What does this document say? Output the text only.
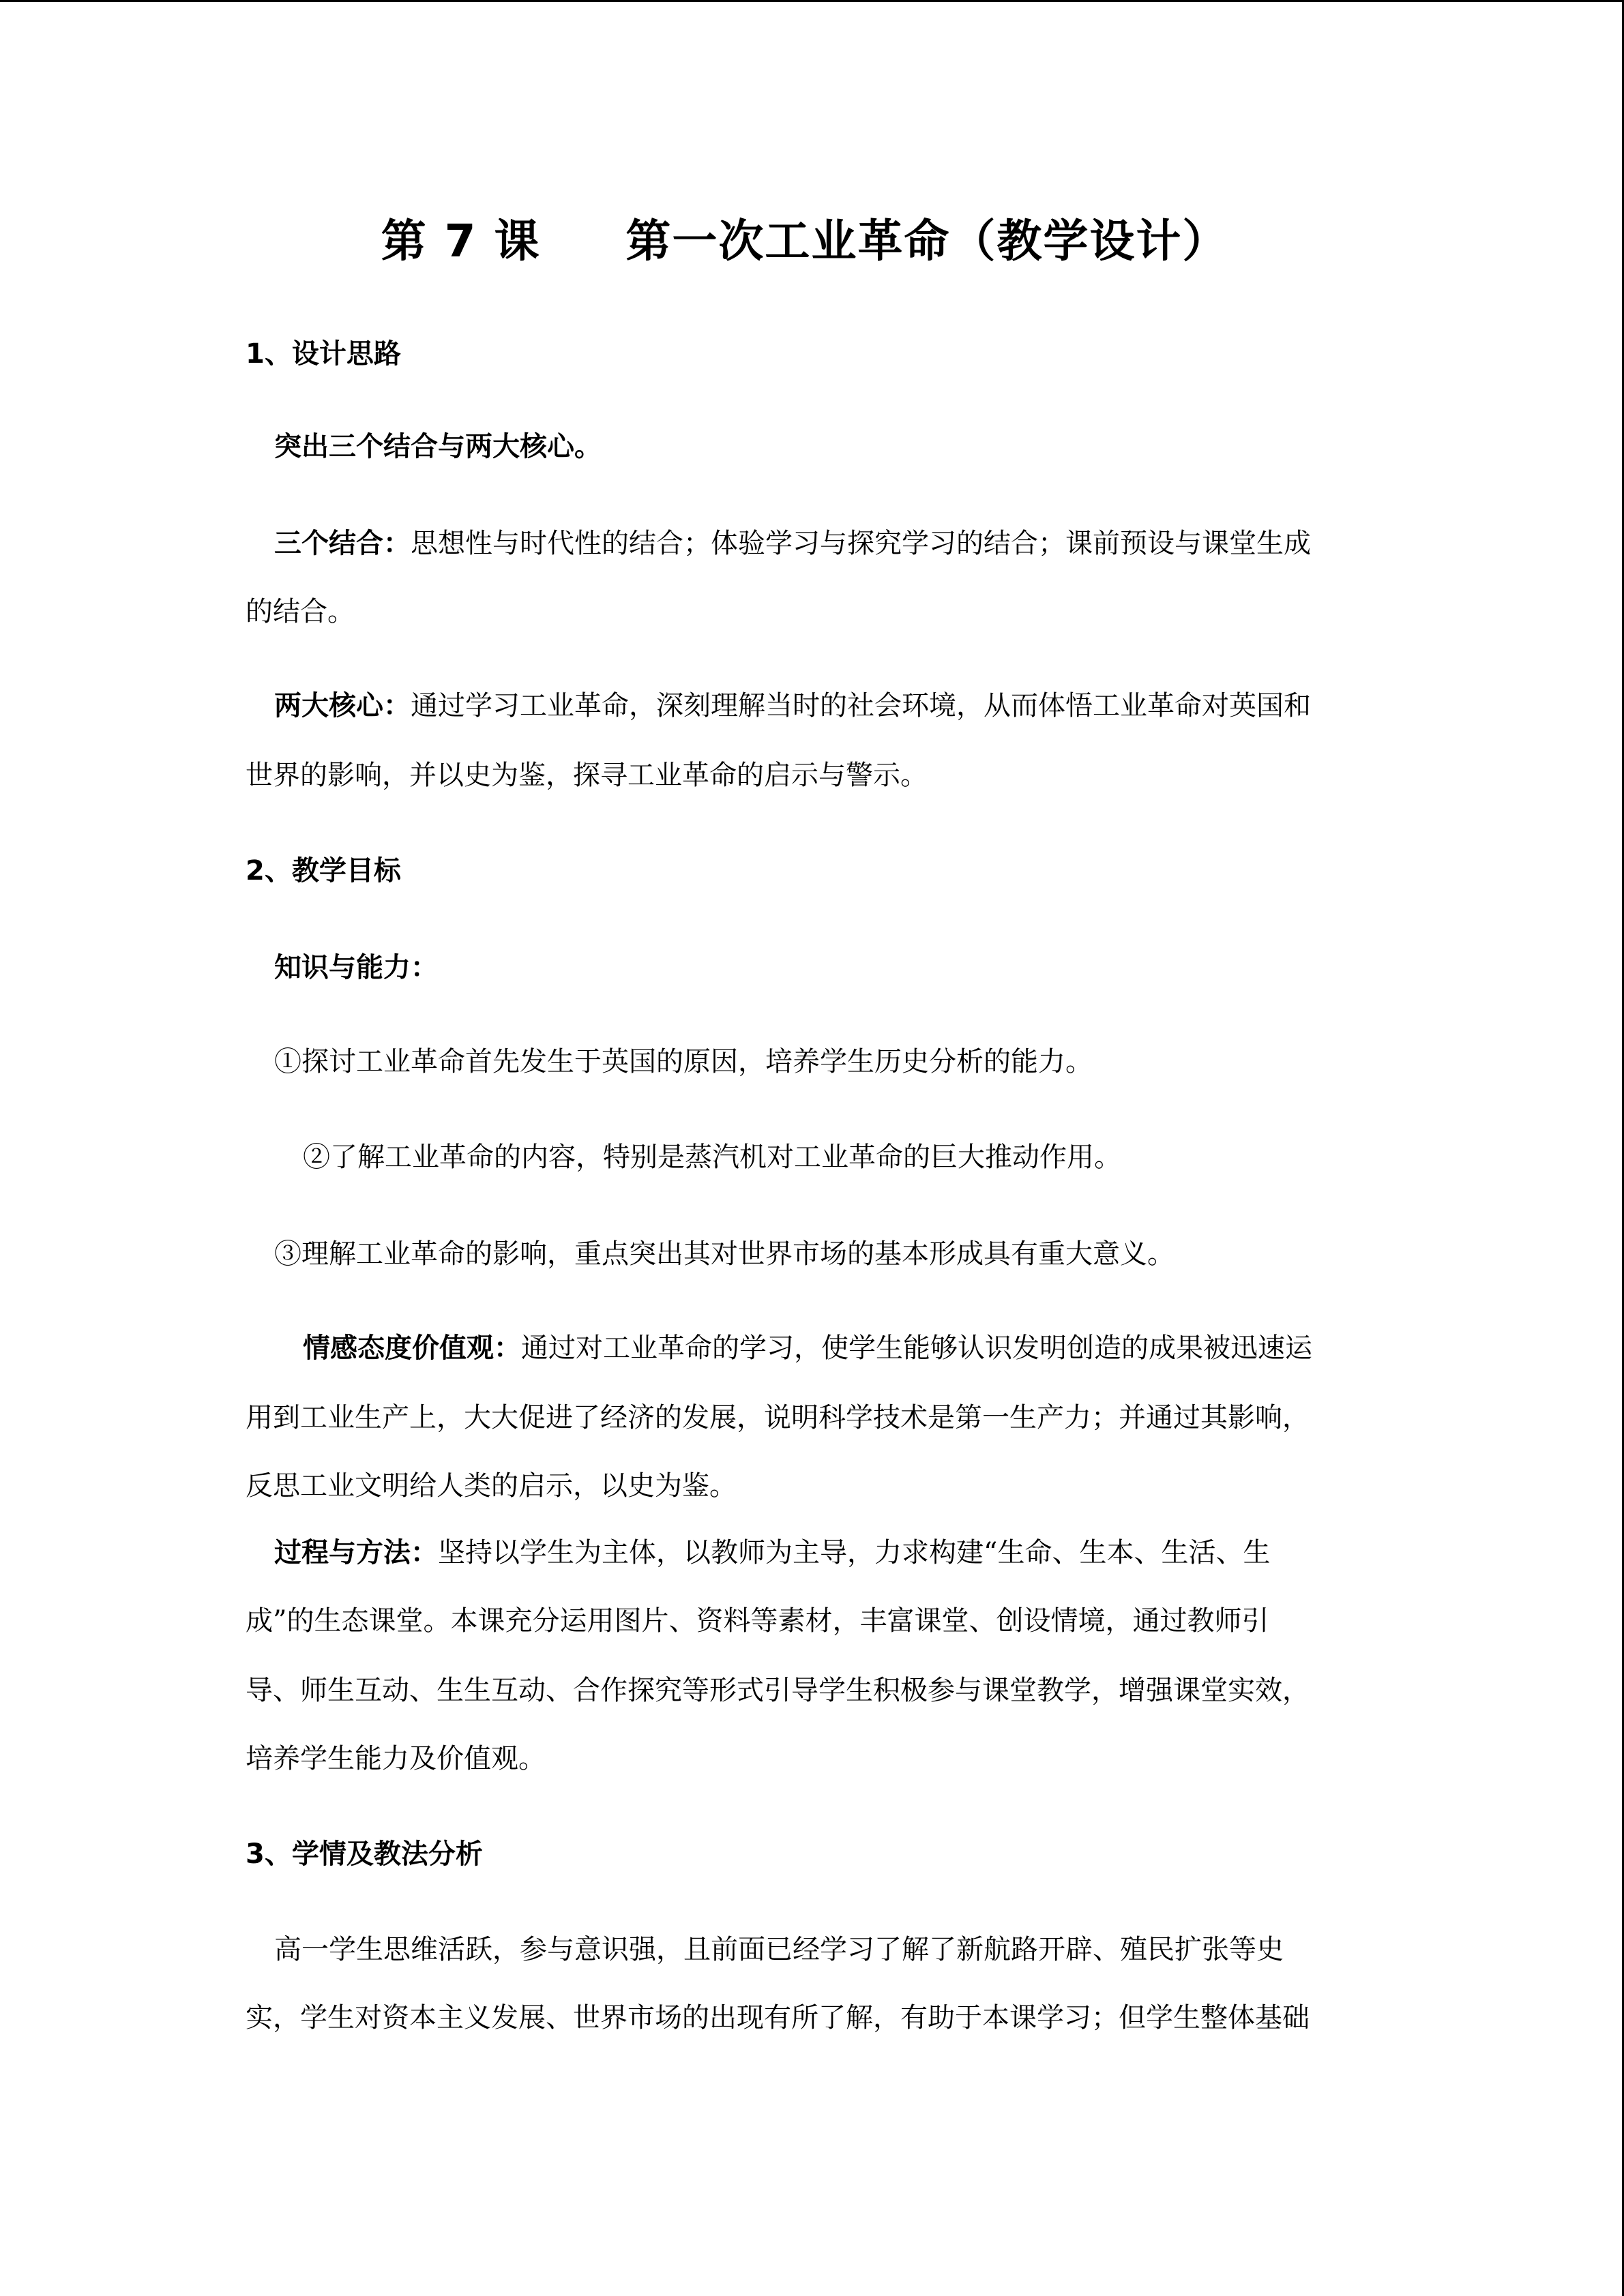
第 7 课     第一次工业革命（教学设计）
1、设计思路
突出三个结合与两大核心。
三个结合：思想性与时代性的结合；体验学习与探究学习的结合；课前预设与课堂生成
的结合。
两大核心：通过学习工业革命，深刻理解当时的社会环境，从而体悟工业革命对英国和
世界的影响，并以史为鉴，探寻工业革命的启示与警示。
2、教学目标
知识与能力：
①探讨工业革命首先发生于英国的原因，培养学生历史分析的能力。
②了解工业革命的内容，特别是蒸汽机对工业革命的巨大推动作用。
③理解工业革命的影响，重点突出其对世界市场的基本形成具有重大意义。
情感态度价值观：通过对工业革命的学习，使学生能够认识发明创造的成果被迅速运
用到工业生产上，大大促进了经济的发展，说明科学技术是第一生产力；并通过其影响，
反思工业文明给人类的启示，以史为鉴。
过程与方法：坚持以学生为主体，以教师为主导，力求构建“生命、生本、生活、生
成”的生态课堂。本课充分运用图片、资料等素材，丰富课堂、创设情境，通过教师引
导、师生互动、生生互动、合作探究等形式引导学生积极参与课堂教学，增强课堂实效，
培养学生能力及价值观。
3、学情及教法分析
高一学生思维活跃，参与意识强，且前面已经学习了解了新航路开辟、殖民扩张等史
实，学生对资本主义发展、世界市场的出现有所了解，有助于本课学习；但学生整体基础
